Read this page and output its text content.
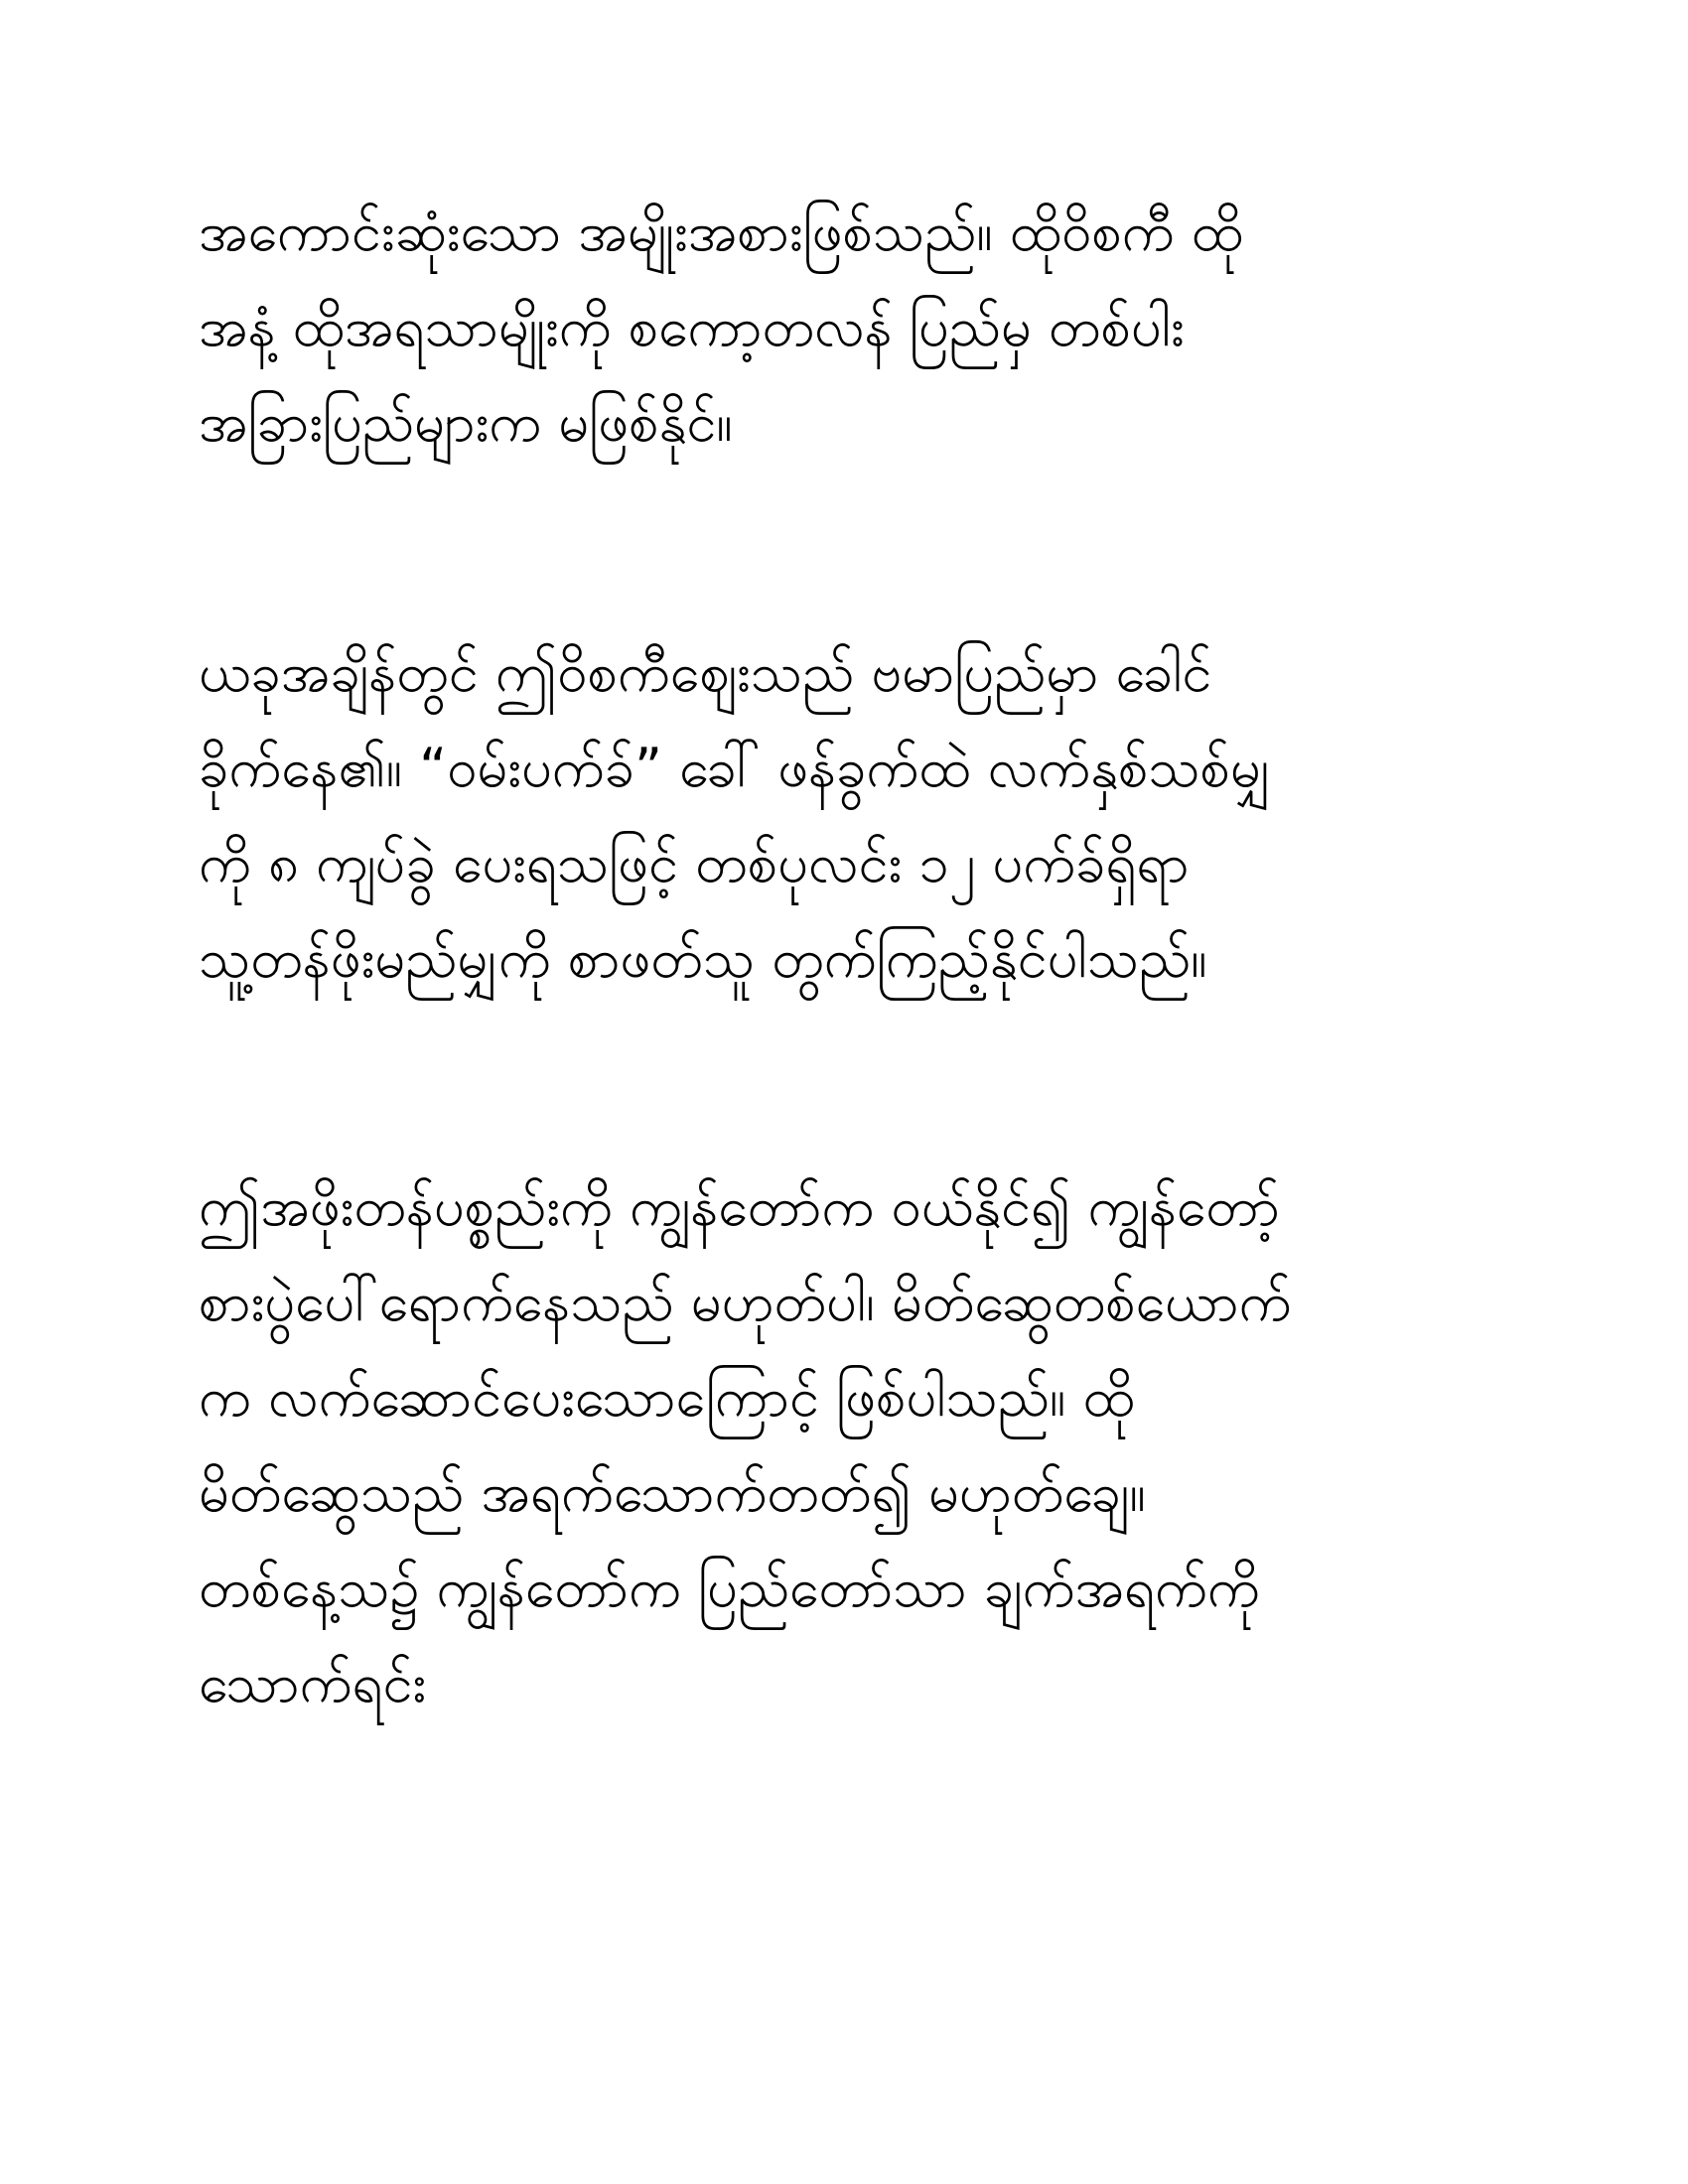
အကောင်းဆုံးသော အမျိုးအစားဖြစ်သည်။ ထိုဝိစကီ ထို
အနံ့ ထိုအရသာမျိုးကို စကော့တလန် ပြည်မှ တစ်ပါး
အခြားပြည်များက မဖြစ်နိုင်။
ယခုအချိန်တွင် ဤဝိစကီဈေးသည် ဗမာပြည်မှာ ခေါင်
ခိုက်နေ၏။ “ဝမ်းပက်ခ်” ခေါ် ဖန်ခွက်ထဲ လက်နှစ်သစ်မျှ
ကို ၈ ကျပ်ခွဲ ပေးရသဖြင့် တစ်ပုလင်း ၁၂ ပက်ခ်ရှိရာ
သူ့တန်ဖိုးမည်မျှကို စာဖတ်သူ တွက်ကြည့်နိုင်ပါသည်။
ဤအဖိုးတန်ပစ္စည်းကို ကျွန်တော်က ဝယ်နိုင်၍ ကျွန်တော့်
စားပွဲပေါ်ရောက်နေသည် မဟုတ်ပါ၊ မိတ်ဆွေတစ်ယောက်
က လက်ဆောင်ပေးသောကြောင့် ဖြစ်ပါသည်။ ထို
မိတ်ဆွေသည် အရက်သောက်တတ်၍ မဟုတ်ချေ။
တစ်နေ့သ၌ ကျွန်တော်က ပြည်တော်သာ ချက်အရက်ကို
သောက်ရင်း
